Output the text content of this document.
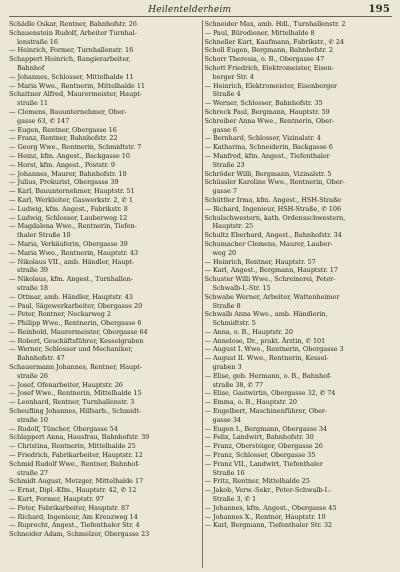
Heilentelderheim	195
Schädle Oskar, Rentner, Bahnhofstr. 26
Schauenstein Rudolf, Arbeiter Turnhal-
lenstraße 16
— Heinrich, Former, Turnhallenstr. 16
Schappert Heinrich, Rangierarbeiter,
Bahnhof
— Johannes, Schlosser, Mittelhalde 11
— Maria Wwe., Rentnerin, Mittelhalde 11
Schattner Alfred, Maurermeister, Haupt-
straße 11
— Clemens, Bauunternehmer, Ober-
gasse 63, ✆ 147
— Eugen, Rentner, Obergasse 16
— Franz, Rentner, Bahnhofstr. 22
— Georg Wwe., Rentnerin, Schmidtstr. 7
— Heinz, kfm. Angest., Backgasse 10
— Horst, kfm. Angest., Poststr. 9
— Johannes, Maurer, Bahnhofstr. 10
— Julius, Prokurist, Obergasse 39
— Karl, Bauunternehmer, Hauptstr. 51
— Karl, Werkleiter, Gaswerkstr. 2, ✆ 1
— Ludwig, kfm. Angest., Fabrikstr. 8
— Ludwig, Schlosser, Lauberweg 12
— Magdalena Wwe., Rentnerin, Tiefen-
thaler Straße 10
— Maria, Verkäuferin, Obergasse 39
— Maria Wwe., Rentnerin, Hauptstr. 43
— Nikolaus VII., amb. Händler, Haupt-
straße 39
— Nikolaus, kfm. Angest., Turnhallen-
straße 18
— Ottmar, amb. Händler, Hauptstr. 43
— Paul, Sägewerkarbeiter, Obergasse 20
— Peter, Rentner, Neckarweg 2
— Philipp Wwe., Rentnerin, Obergasse 6
— Reinhold, Maurermeister, Obergasse 64
— Robert, Geschäftsführer, Kesselgraben
— Werner, Schlosser und Mechaniker,
Bahnhofstr. 47
Schauermann Johannes, Rentner, Haupt-
straße 26
— Josef, Ofenarbeiter, Hauptstr. 26
— Josef Wwe., Rentnerin, Mittelhalde 15
— Leonhard, Rentner, Turnhallenstr. 3
Scheufling Johannes, Hilfsarb., Schmidt-
straße 10
— Rudolf, Tüncher, Obergasse 54
Schlappert Anna, Hausfrau, Bahnhofstr. 39
— Christina, Rentnerin, Mittelhalde 25
— Friedrich, Fabrikarbeiter, Hauptstr. 12
Schmid Rudolf Wwe., Rentner, Bahnhof-
straße 27
Schmidt August, Metzger, Mittelhalde 17
— Ernst, Dipl.-Kfm., Hauptstr. 42, ✆ 12
— Kurt, Former, Hauptstr. 97
— Peter, Fabrikarbeiter, Hauptstr. 87
— Richard, Ingenieur, Am Kreuzweg 14
— Ruprecht, Angest., Tiefenthaler Str. 4
Schneider Adam, Schmelzer, Obergasse 23
Schneider Max, amb. Hdl., Turnhallenstr. 2
— Paul, Bürodiener, Mittelhalde 8
Schneller Kurt, Kaufmann, Fabrikstr., ✆ 24
Scholl Eugen, Bergmann, Bahnhofstr. 2
Schorr Theresia, o. B., Obergasse 47
Schott Friedrich, Elektromeister, Eisen-
berger Str. 4
— Heinrich, Elektromeister, Eisenberger
Straße 4
— Werner, Schlosser, Bahnhofstr. 35
Schreck Paul, Bergmann, Hauptstr. 59
Schreiber Anna Wwe., Rentnerin, Ober-
gasse 6
— Bernhard, Schlosser, Vizinalstr. 4
— Katharina, Schneiderin, Backgasse 6
— Manfred, kfm. Angest., Tiefenthaler
Straße 23
Schröder Willi, Bergmann, Vizinalstr. 5
Schüssler Karoline Wwe., Rentnerin, Ober-
gasse 7
Schüttler Irma, kfm. Angest., HSH-Straße
— Richard, Ingenieur, HSH-Straße, ✆ 106
Schulschwestern, kath. Ordensschwestern,
Hauptstr. 25
Schultz Eberhard, Angest., Bahnhofstr. 34
Schumacher Clemens, Maurer, Lauber-
weg 20
— Heinrich, Rentner, Hauptstr. 57
— Karl, Angest., Bergmann, Hauptstr. 17
Schuster Willi Wwe., Schreinerei, Peter-
Schwalb-I.-Str. 15
Schwabe Werner, Arbeiter, Wattenheimer
Straße 8
Schwalb Anna Wwe., amb. Händlerin,
Schmidtstr. 5
— Anna, o. B., Hauptstr. 20
— Annelose, Dr., prakt. Ärztin, ✆ 101
— August I. Wwe., Rentnerin, Obergasse 3
— August II. Wwe., Rentnerin, Kessel-
graben 3
— Elise, geb. Hermann, o. B., Bahnhof-
straße 38, ✆ 77
— Elise, Gastwirtin, Obergasse 32, ✆ 74
— Emma, o. B., Hauptstr. 20
— Engelbert, Maschinenführer, Ober-
gasse 34
— Eugen I., Bergmann, Obergasse 34
— Felix, Landwirt, Bahnhofstr. 30
— Franz, Oberstéiger, Obergasse 26
— Franz, Schlosser, Obergasse 35
— Franz VII., Landwirt, Tiefenthaler
Straße 16
— Fritz, Rentner, Mittelhalde 25
— Jakob, Verw.-Sekr., Peter-Schwalb-I.-
Straße 3, ✆ 1
— Johannes, kfm. Angest., Obergasse 45
— Johannes X., Rentner, Hauptstr. 10
— Karl, Bergmann, Tiefenthaler Str. 32
